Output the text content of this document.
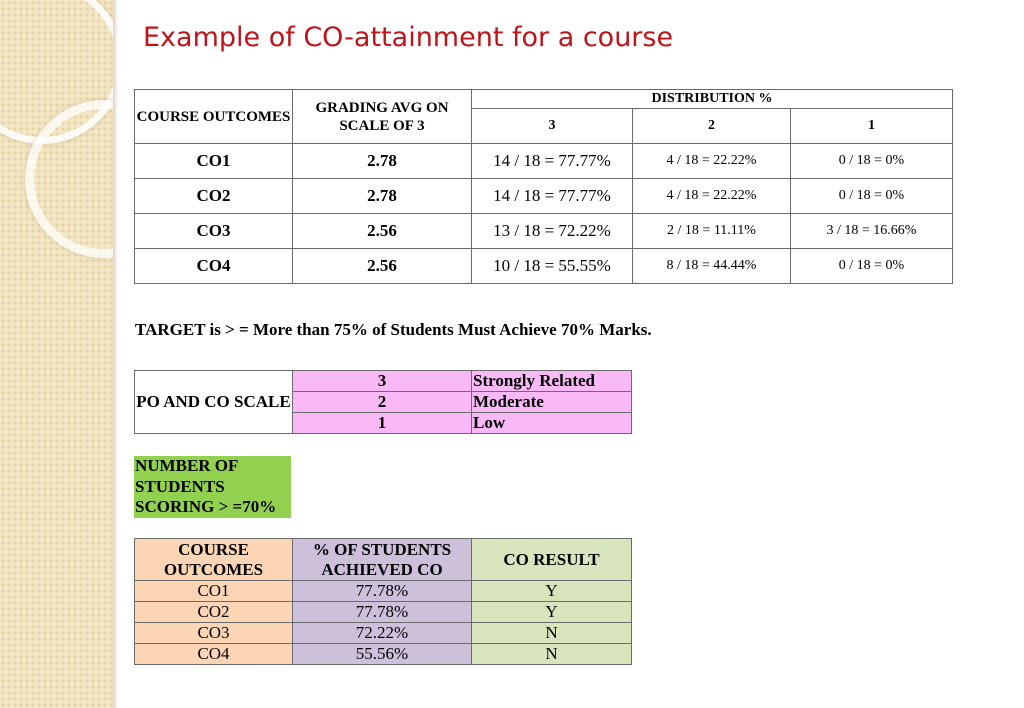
Example of CO-attainment for a course
COURSE OUTCOMES	GRADING AVG ON SCALE OF 3	DISTRIBUTION %		
		3	2	1
CO1	2.78	14 / 18 = 77.77%	4 / 18 = 22.22%	0 / 18 = 0%
CO2	2.78	14 / 18 = 77.77%	4 / 18 = 22.22%	0 / 18 = 0%
CO3	2.56	13 / 18 = 72.22%	2 / 18 = 11.11%	3 / 18 = 16.66%
CO4	2.56	10 / 18 = 55.55%	8 / 18 = 44.44%	0 / 18 = 0%

TARGET is > = More than 75% of Students Must Achieve 70% Marks.

PO AND CO SCALE	3	Strongly Related
	2	Moderate
	1	Low
NUMBER OF STUDENTS SCORING > =70%
COURSE OUTCOMES	% OF STUDENTS ACHIEVED CO	CO RESULT
CO1	77.78%	Y
CO2	77.78%	Y
CO3	72.22%	N
CO4	55.56%	N
